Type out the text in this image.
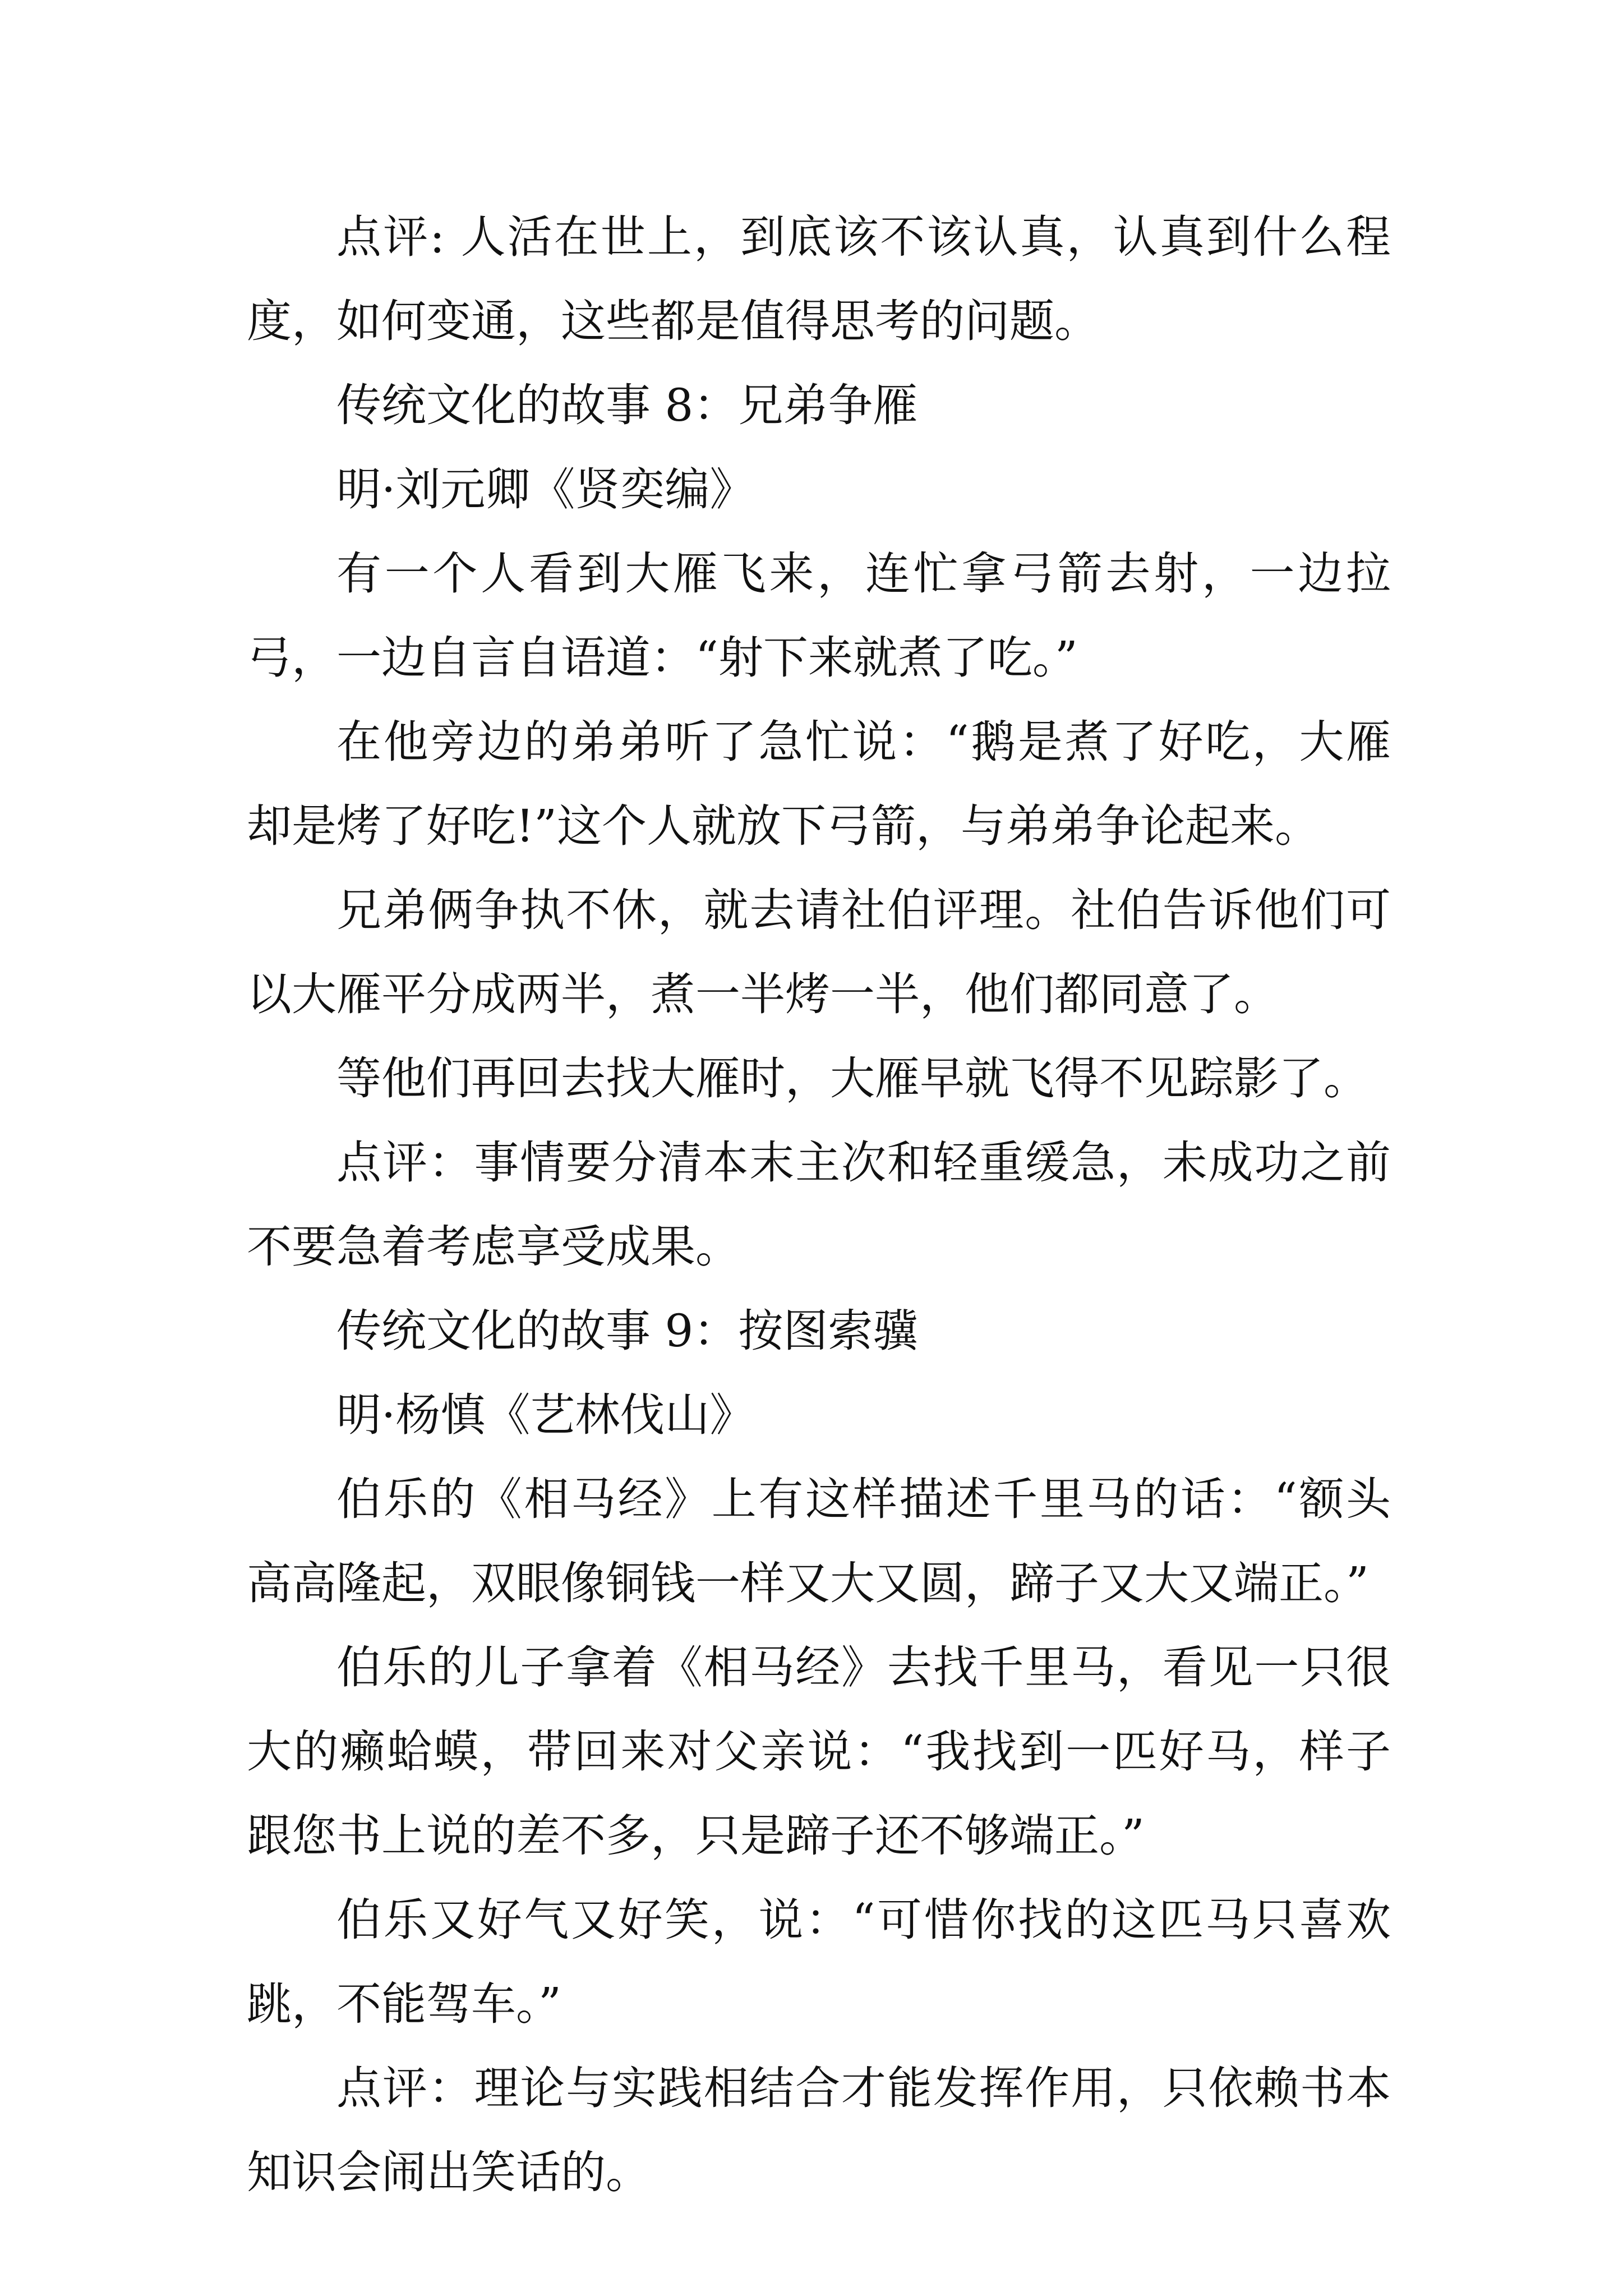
点评: 人活在世上，到底该不该认真，认真到什么程度，如何变通，这些都是值得思考的问题。

传统文化的故事 8：兄弟争雁

明·刘元卿《贤奕编》

有一个人看到大雁飞来，连忙拿弓箭去射，一边拉弓，一边自言自语道：“射下来就煮了吃。”

在他旁边的弟弟听了急忙说：“鹅是煮了好吃，大雁却是烤了好吃!”这个人就放下弓箭，与弟弟争论起来。

兄弟俩争执不休，就去请社伯评理。社伯告诉他们可以大雁平分成两半，煮一半烤一半，他们都同意了。

等他们再回去找大雁时，大雁早就飞得不见踪影了。

点评：事情要分清本末主次和轻重缓急，未成功之前不要急着考虑享受成果。

传统文化的故事 9：按图索骥

明·杨慎《艺林伐山》

伯乐的《相马经》上有这样描述千里马的话：“额头高高隆起，双眼像铜钱一样又大又圆，蹄子又大又端正。”

伯乐的儿子拿着《相马经》去找千里马，看见一只很大的癞蛤蟆，带回来对父亲说：“我找到一匹好马，样子跟您书上说的差不多，只是蹄子还不够端正。”

伯乐又好气又好笑，说：“可惜你找的这匹马只喜欢跳，不能驾车。”

点评：理论与实践相结合才能发挥作用，只依赖书本知识会闹出笑话的。
